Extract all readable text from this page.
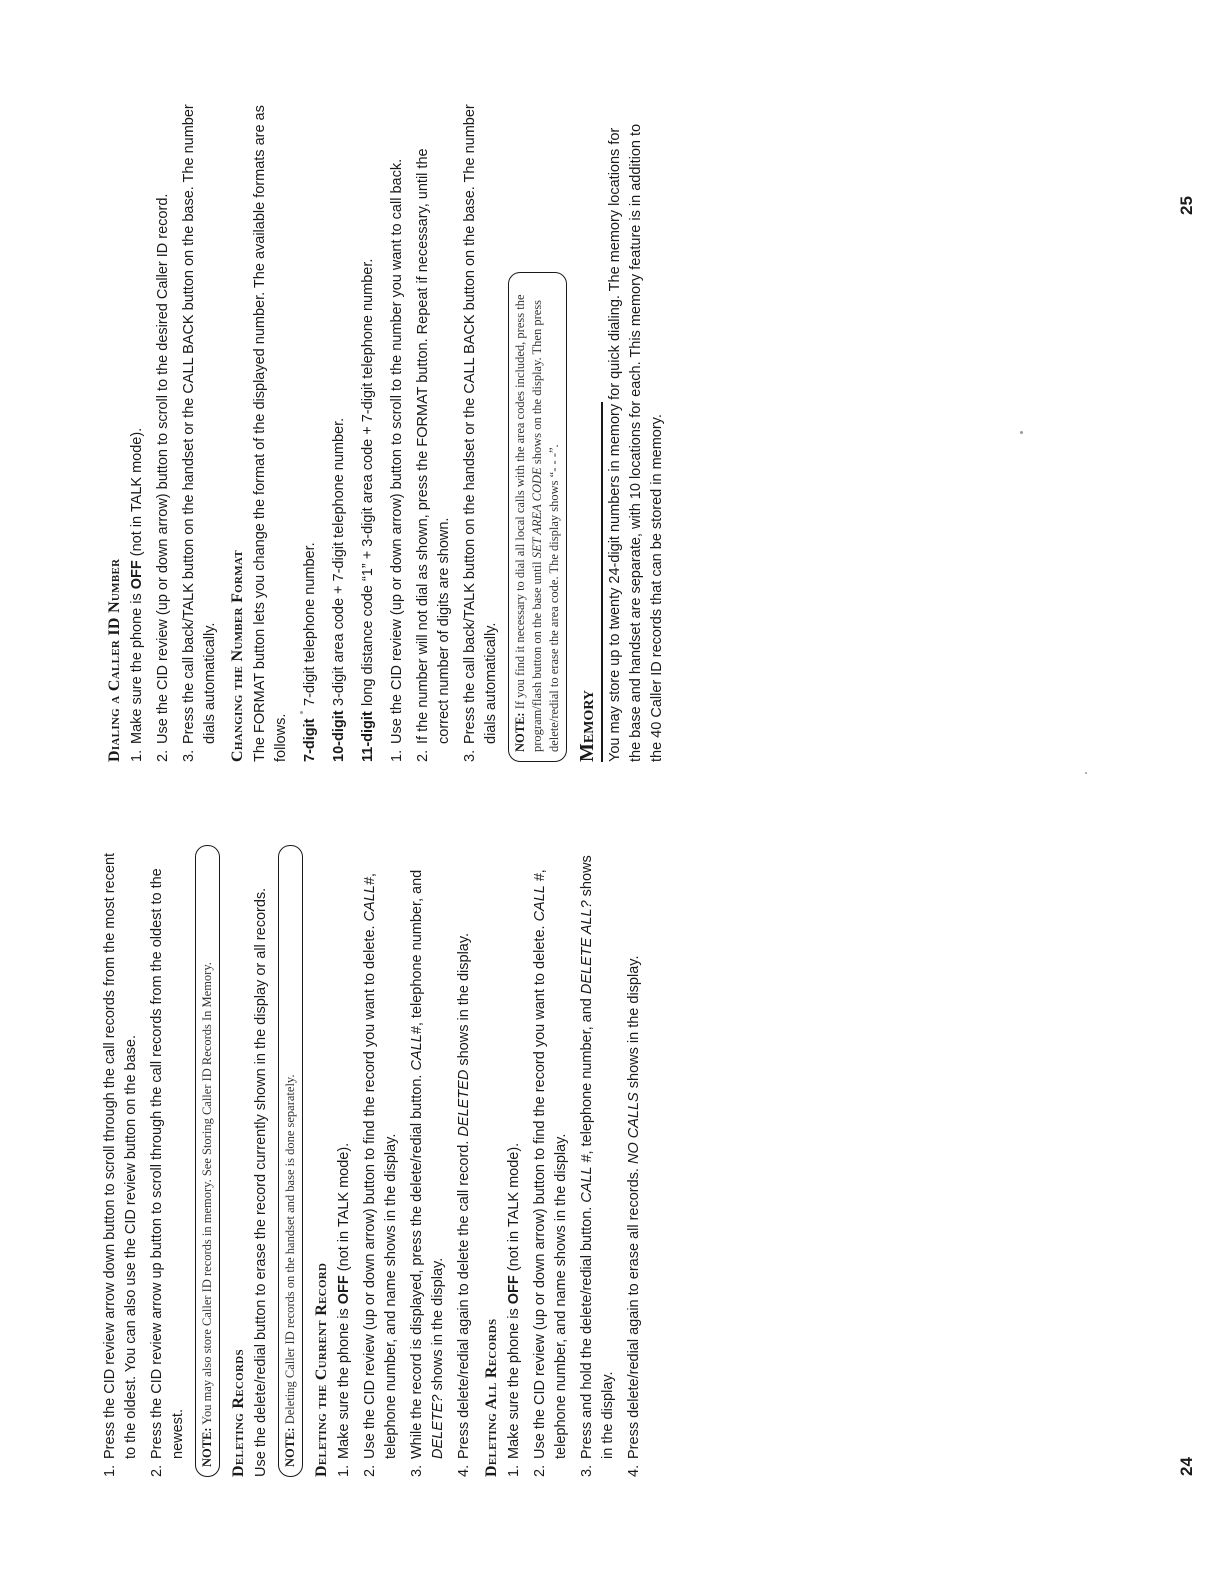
1.
Press the CID review arrow down button to scroll through the call records from the most recent to the oldest. You can also use the CID review button on the base.
2.
Press the CID review arrow up button to scroll through the call records from the oldest to the newest.	NOTE: You may also store Caller ID records in memory. See Storing Caller ID Records In Memory.	Deleting Records Use the delete/redial button to erase the record currently shown in the display or all records.	NOTE: Deleting Caller ID records on the handset and base is done separately.	Deleting the Current Record 1.
Make sure the phone is OFF (not in TALK mode).
2.
Use the CID review (up or down arrow) button to find the record you want to delete. CALL#, telephone number, and name shows in the display.
3.
While the record is displayed, press the delete/redial button. CALL#, telephone number, and DELETE? shows in the display.
4.
Press delete/redial again to delete the call record. DELETED shows in the display.
Deleting All Records 1.
Make sure the phone is OFF (not in TALK mode).
2.
Use the CID review (up or down arrow) button to find the record you want to delete. CALL #, telephone number, and name shows in the display.
3.
Press and hold the delete/redial button. CALL #, telephone number, and DELETE ALL? shows in the display.
4.
Press delete/redial again to erase all records. NO CALLS shows in the display.
24
Dialing a Caller ID Number 1.
Make sure the phone is OFF (not in TALK mode).
2.
Use the CID review (up or down arrow) button to scroll to the desired Caller ID record.
3.
Press the call back/TALK button on the handset or the CALL BACK button on the base. The number dials automatically. Changing the Number Format The FORMAT button lets you change the format of the displayed number. The available formats are as follows. 7-digit
7-digit telephone number.
10-digit
3-digit area code + 7-digit telephone number.
11-digit
long distance code “1” + 3-digit area code + 7-digit telephone number.
1.
Use the CID review (up or down arrow) button to scroll to the number you want to call back.
2.
If the number will not dial as shown, press the FORMAT button. Repeat if necessary, until the correct number of digits are shown.
3.
Press the call back/TALK button on the handset or the CALL BACK button on the base. The number dials automatically.	NOTE: If you find it necessary to dial all local calls with the area codes included, press the program/flash button on the base until SET AREA CODE shows on the display. Then press delete/redial to erase the area code. The display shows “- - -”. Memory You may store up to twenty 24-digit numbers in memory for quick dialing. The memory locations for the base and handset are separate, with 10 locations for each. This memory feature is in addition to the 40 Caller ID records that can be stored in memory.
25
